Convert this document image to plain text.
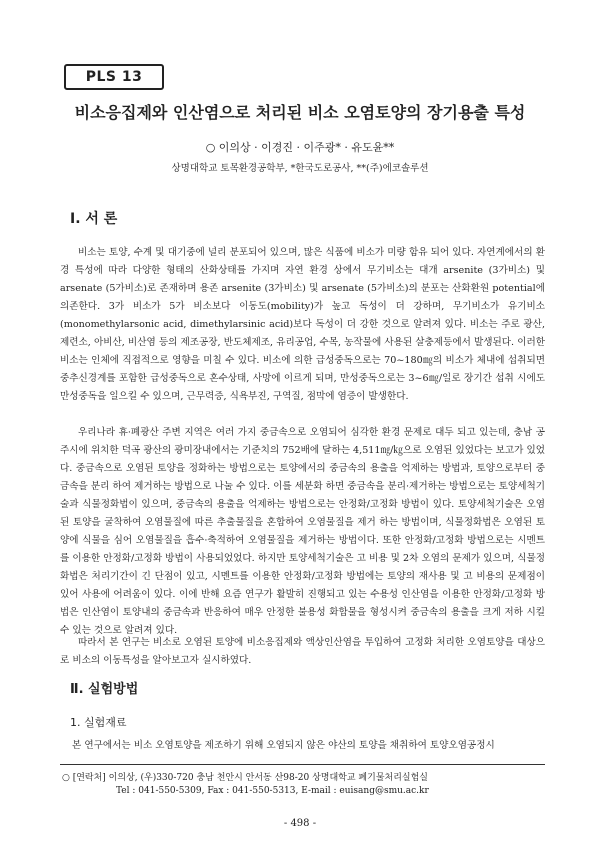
PLS 13
비소응집제와 인산염으로 처리된 비소 오염토양의 장기용출 특성
○ 이의상 · 이경진 · 이주광* · 유도윤**
상명대학교 토목환경공학부, *한국도로공사, **(주)에코솔루션
Ⅰ. 서 론

비소는 토양, 수계 및 대기중에 널리 분포되어 있으며, 많은 식품에 비소가 미량 함유 되어 있다. 자연계에서의 환경 특성에 따라 다양한 형태의 산화상태를 가지며 자연 환경 상에서 무기비소는 대개 arsenite (3가비소) 및 arsenate (5가비소)로 존재하며 용존 arsenite (3가비소) 및 arsenate (5가비소)의 분포는 산화환원 potential에 의존한다. 3가 비소가 5가 비소보다 이동도(mobility)가 높고 독성이 더 강하며, 무기비소가 유기비소(monomethylarsonic acid, dimethylarsinic acid)보다 독성이 더 강한 것으로 알려져 있다. 비소는 주로 광산, 제련소, 아비산, 비산염 등의 제조공장, 반도체제조, 유리공업, 수목, 농작물에 사용된 살충제등에서 발생된다. 이러한 비소는 인체에 직접적으로 영향을 미칠 수 있다. 비소에 의한 급성중독으로는 70~180㎎의 비소가 체내에 섭취되면 중추신경계를 포함한 급성중독으로 혼수상태, 사망에 이르게 되며, 만성중독으로는 3~6㎎/일로 장기간 섭취 시에도 만성중독을 일으킬 수 있으며, 근무력증, 식욕부진, 구역질, 점막에 염증이 발생한다.

우리나라 휴·폐광산 주변 지역은 여러 가지 중금속으로 오염되어 심각한 환경 문제로 대두 되고 있는데, 충남 공주시에 위치한 덕곡 광산의 광미장내에서는 기준치의 752배에 달하는 4,511㎎/㎏으로 오염된 있었다는 보고가 있었다. 중금속으로 오염된 토양을 정화하는 방법으로는 토양에서의 중금속의 용출을 억제하는 방법과, 토양으로부터 중금속을 분리 하여 제거하는 방법으로 나눌 수 있다. 이를 세분화 하면 중금속을 분리·제거하는 방법으로는 토양세척기술과 식물정화법이 있으며, 중금속의 용출을 억제하는 방법으로는 안정화/고정화 방법이 있다. 토양세척기술은 오염된 토양을 굴착하여 오염물질에 따른 추출물질을 혼합하여 오염물질을 제거 하는 방법이며, 식물정화법은 오염된 토양에 식물을 심어 오염물질을 흡수·축적하여 오염물질을 제거하는 방법이다. 또한 안정화/고정화 방법으로는 시멘트를 이용한 안정화/고정화 방법이 사용되었었다. 하지만 토양세척기술은 고 비용 및 2차 오염의 문제가 있으며, 식물정화법은 처리기간이 긴 단점이 있고, 시멘트를 이용한 안정화/고정화 방법에는 토양의 재사용 및 고 비용의 문제점이 있어 사용에 어려움이 있다. 이에 반해 요즘 연구가 활발히 진행되고 있는 수용성 인산염을 이용한 안정화/고정화 방법은 인산염이 토양내의 중금속과 반응하여 매우 안정한 불용성 화합물을 형성시켜 중금속의 용출을 크게 저하 시킬 수 있는 것으로 알려져 있다.

따라서 본 연구는 비소로 오염된 토양에 비소응집제와 액상인산염을 투입하여 고정화 처리한 오염토양을 대상으로 비소의 이동특성을 알아보고자 실시하였다.

Ⅱ. 실험방법
1. 실험재료

본 연구에서는 비소 오염토양을 제조하기 위해 오염되지 않은 야산의 토양을 채취하여 토양오염공정시

○ [연락처] 이의상, (우)330-720 충남 천안시 안서동 산98-20 상명대학교 폐기물처리실험실
Tel : 041-550-5309, Fax : 041-550-5313, E-mail : euisang@smu.ac.kr
- 498 -
